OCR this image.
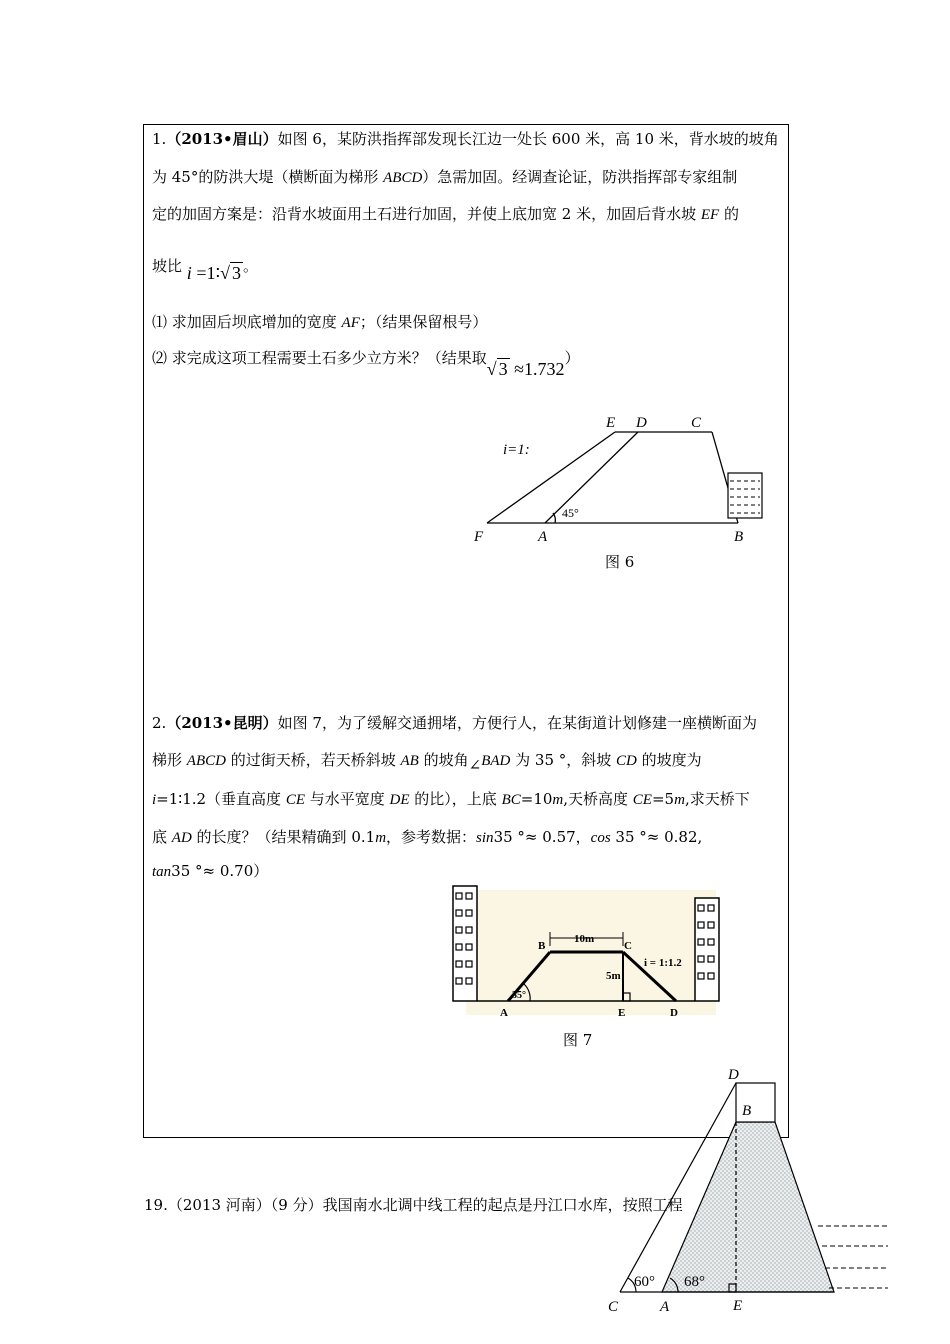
1.（2013•眉山）如图 6，某防洪指挥部发现长江边一处长 600 米，高 10 米，背水坡的坡角
为 45°的防洪大堤（横断面为梯形 ABCD）急需加固。经调查论证，防洪指挥部专家组制
定的加固方案是：沿背水坡面用土石进行加固，并使上底加宽 2 米，加固后背水坡 EF 的
坡比 i =1∶√ 3 。
⑴ 求加固后坝底增加的宽度 AF；（结果保留根号）
⑵ 求完成这项工程需要土石多少立方米？（结果取√ 3 ≈1.732）
E D	C
i=1:
45°
F	A	B
图 6
2.（2013•昆明）如图 7，为了缓解交通拥堵，方便行人，在某街道计划修建一座横断面为
梯形 ABCD 的过街天桥，若天桥斜坡 AB 的坡角∠BAD 为 35 °，斜坡 CD 的坡度为
i=1∶1.2（垂直高度 CE 与水平宽度 DE 的比），上底 BC=10m,天桥高度 CE=5m,求天桥下
底 AD 的长度？（结果精确到 0.1m，参考数据：sin35 °≈ 0.57，cos 35 °≈ 0.82,
tan35 °≈ 0.70）
B	C
10m
5m
i = 1:1.2
35°
A	E	D
图 7
19.（2013 河南）（9 分）我国南水北调中线工程的起点是丹江口水库，按照工程
D
B
60° 68°
C	A	E
